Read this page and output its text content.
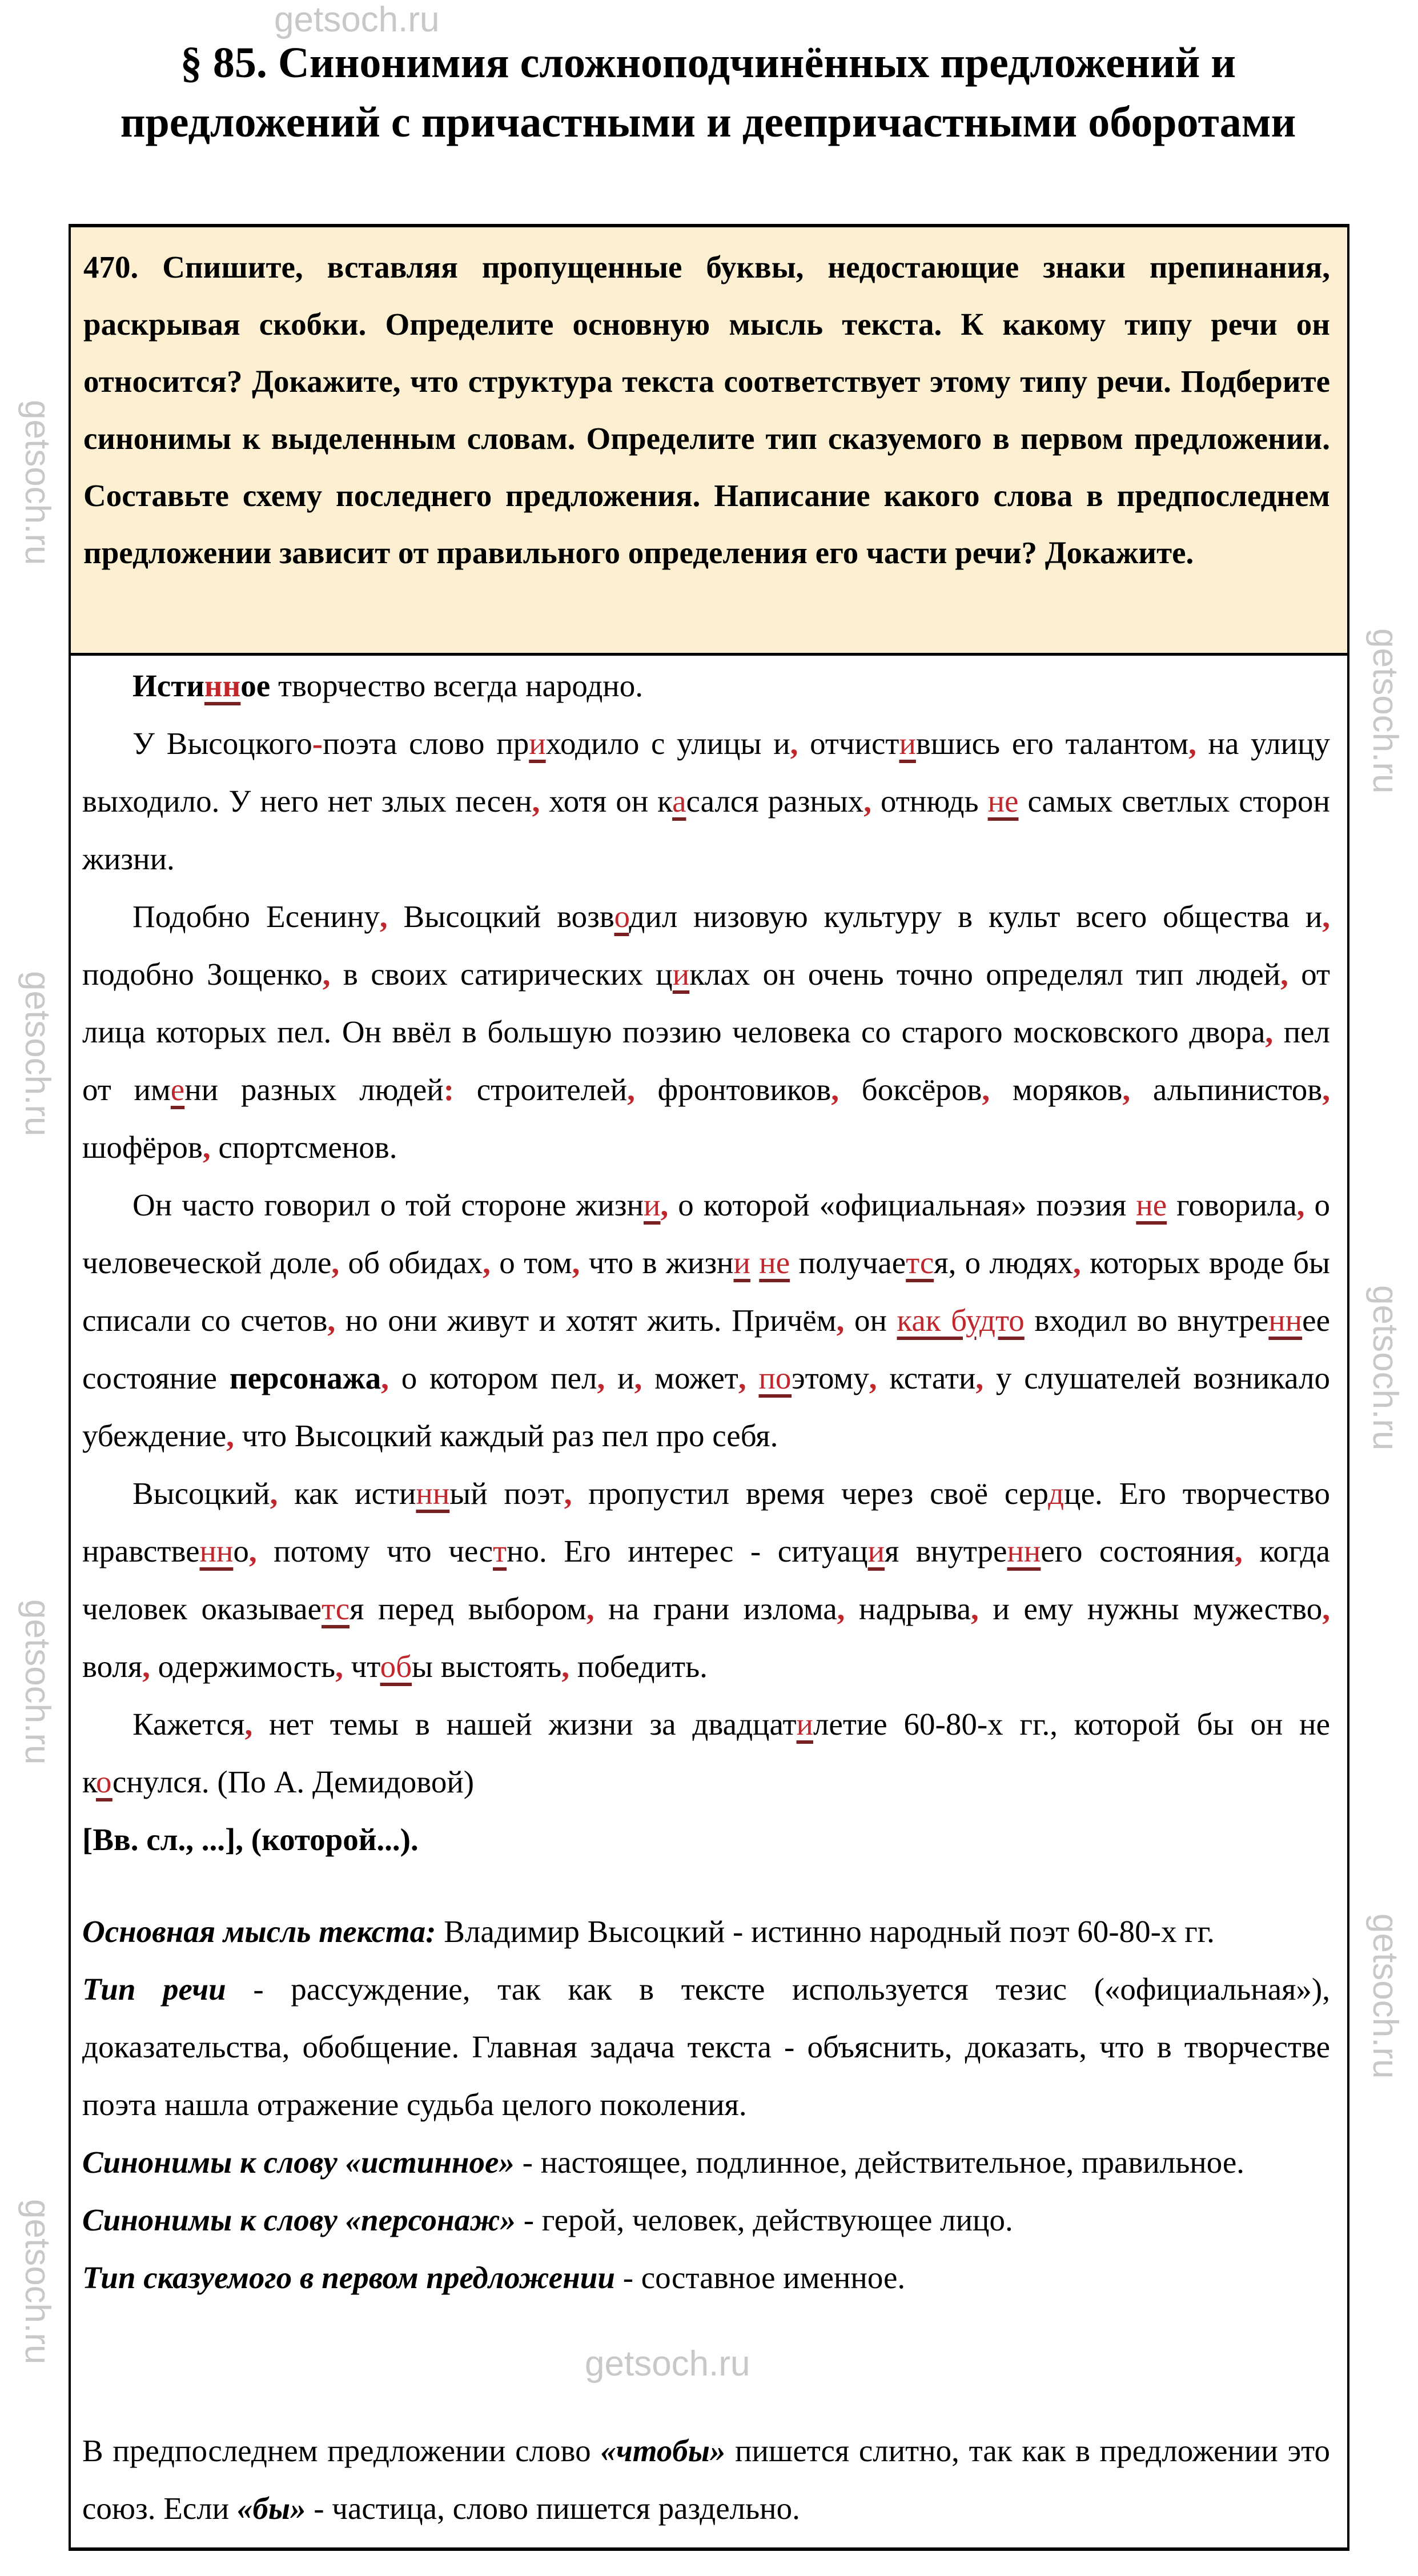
getsoch.ru
getsoch.ru
getsoch.ru
getsoch.ru
getsoch.ru
getsoch.ru
getsoch.ru
getsoch.ru
§ 85. Синонимия сложноподчинённых предложений и предложений с причастными и деепричастными оборотами
470. Спишите, вставляя пропущенные буквы, недостающие знаки препинания, раскрывая скобки. Определите основную мысль текста. К какому типу речи он относится? Докажите, что структура текста соответствует этому типу речи. Подберите синонимы к выделенным словам. Определите тип сказуемого в первом предложении. Составьте схему последнего предложения. Написание какого слова в предпоследнем предложении зависит от правильного определения его части речи? Докажите.

Истинное творчество всегда народно.

У Высоцкого-поэта слово приходило с улицы и, отчистившись его талантом, на улицу выходило. У него нет злых песен, хотя он касался разных, отнюдь не самых светлых сторон жизни.

Подобно Есенину, Высоцкий возводил низовую культуру в культ всего общества и, подобно Зощенко, в своих сатирических циклах он очень точно определял тип людей, от лица которых пел. Он ввёл в большую поэзию человека со старого московского двора, пел от имени разных людей: строителей, фронтовиков, боксёров, моряков, альпинистов, шофёров, спортсменов.

Он часто говорил о той стороне жизни, о которой «официальная» поэзия не говорила, о человеческой доле, об обидах, о том, что в жизни не получается, о людях, которых вроде бы списали со счетов, но они живут и хотят жить. Причём, он как будто входил во внутреннее состояние персонажа, о котором пел, и, может, поэтому, кстати, у слушателей возникало убеждение, что Высоцкий каждый раз пел про себя.

Высоцкий, как истинный поэт, пропустил время через своё сердце. Его творчество нравственно, потому что честно. Его интерес - ситуация внутреннего состояния, когда человек оказывается перед выбором, на грани излома, надрыва, и ему нужны мужество, воля, одержимость, чтобы выстоять, победить.

Кажется, нет темы в нашей жизни за двадцатилетие 60-80-х гг., которой бы он не коснулся. (По А. Демидовой)

[Вв. сл., ...], (которой...).

Основная мысль текста: Владимир Высоцкий - истинно народный поэт 60-80-х гг.

Тип речи - рассуждение, так как в тексте используется тезис («официальная»), доказательства, обобщение. Главная задача текста - объяснить, доказать, что в творчестве поэта нашла отражение судьба целого поколения.

Синонимы к слову «истинное» - настоящее, подлинное, действительное, правильное.

Синонимы к слову «персонаж» - герой, человек, действующее лицо.

Тип сказуемого в первом предложении - составное именное.

getsoch.ru

В предпоследнем предложении слово «чтобы» пишется слитно, так как в предложении это союз. Если «бы» - частица, слово пишется раздельно.
